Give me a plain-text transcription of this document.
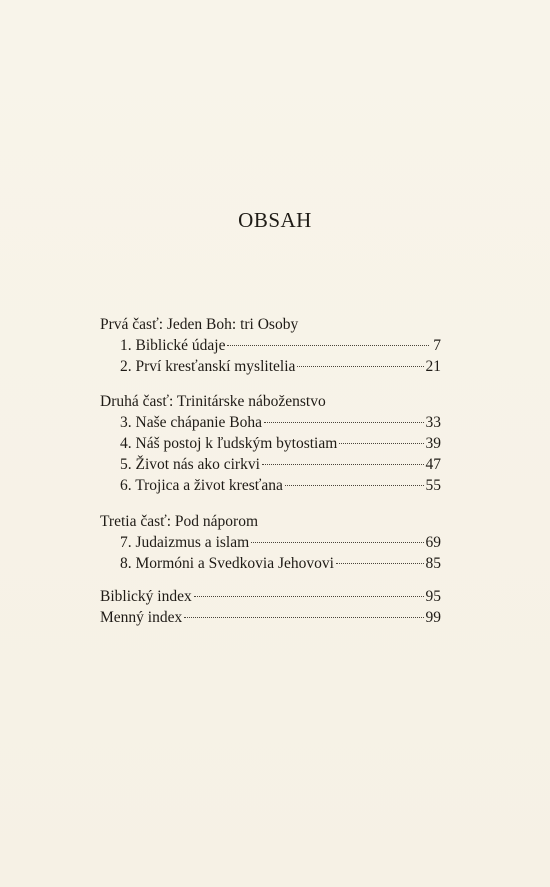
OBSAH
Prvá časť: Jeden Boh: tri Osoby
1. Biblické údaje	7
2. Prví kresťanskí myslitelia	21
Druhá časť: Trinitárske náboženstvo
3. Naše chápanie Boha	33
4. Náš postoj k ľudským bytostiam	39
5. Život nás ako cirkvi	47
6. Trojica a život kresťana	55
Tretia časť: Pod náporom
7. Judaizmus a islam	69
8. Mormóni a Svedkovia Jehovovi	85
Biblický index	95
Menný index	99
